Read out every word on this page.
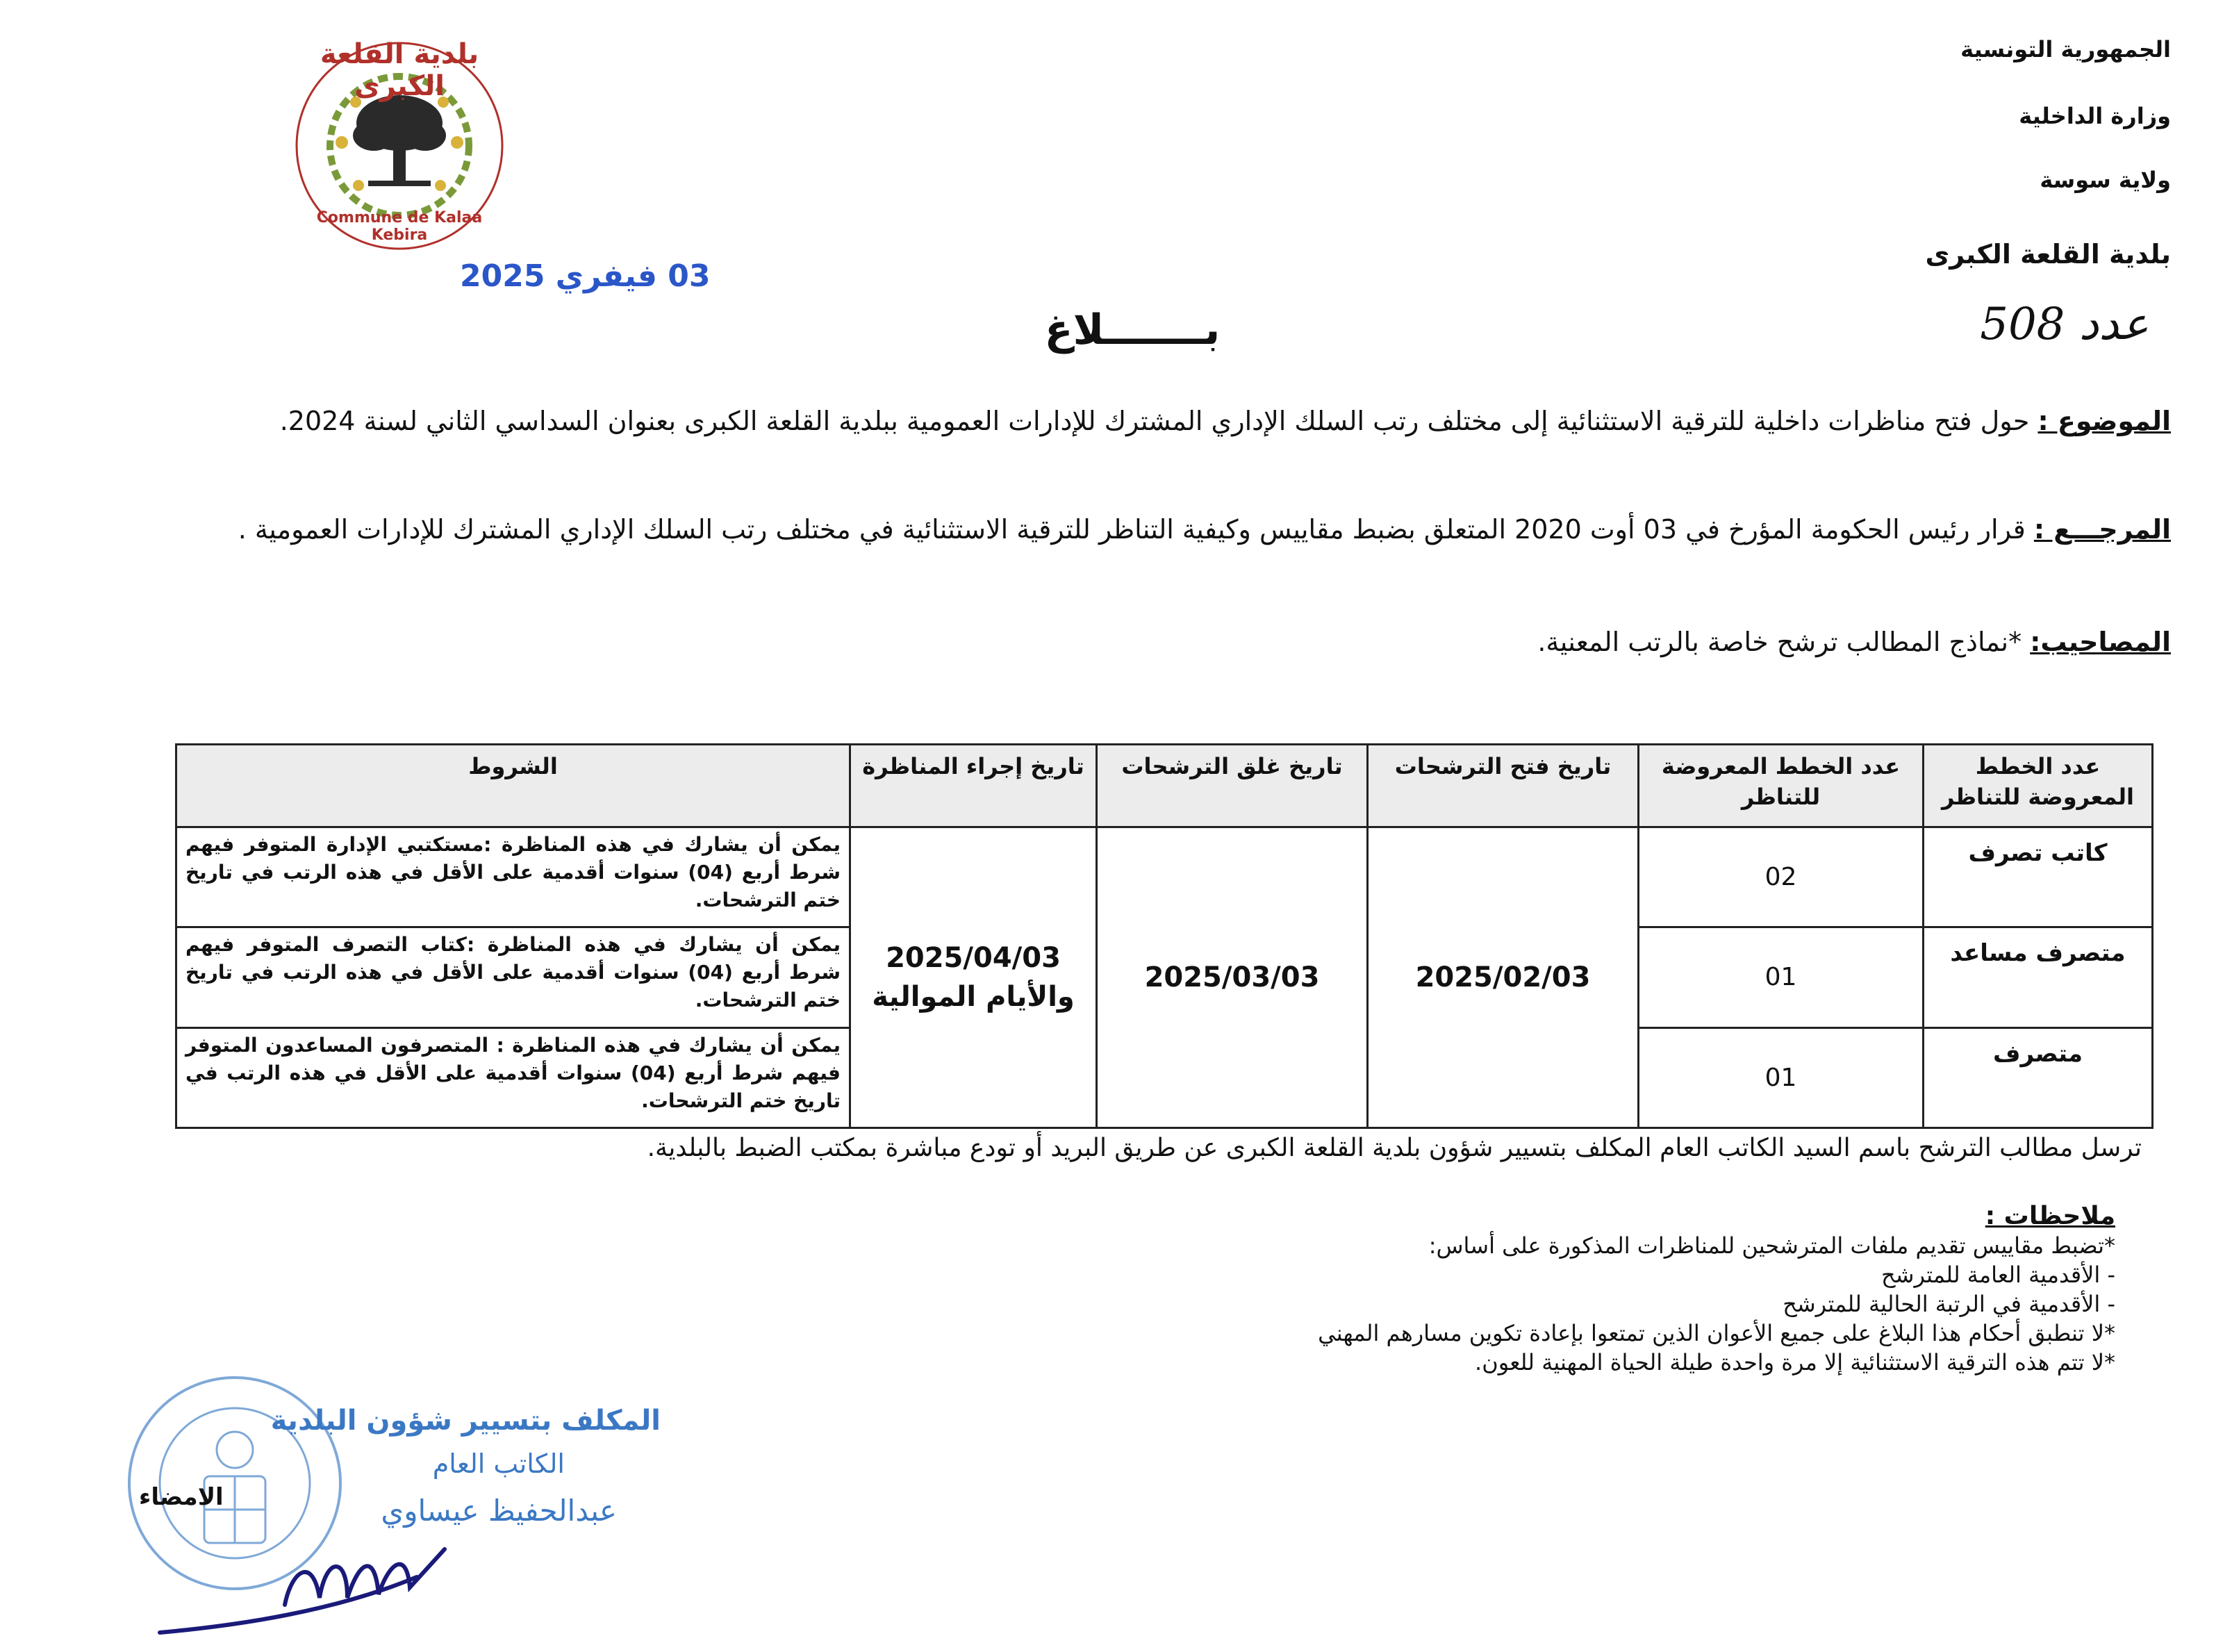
الجمهورية التونسية
وزارة الداخلية
ولاية سوسة
بلدية القلعة الكبرى
بلدية القلعة الكبرى
Commune de Kalaa Kebira
03 فيفري 2025
عدد 508
بـــــــلاغ
الموضوع : حول فتح مناظرات داخلية للترقية الاستثنائية إلى مختلف رتب السلك الإداري المشترك للإدارات العمومية ببلدية القلعة الكبرى بعنوان السداسي الثاني لسنة 2024.
المرجـــع : قرار رئيس الحكومة المؤرخ في 03 أوت 2020 المتعلق بضبط مقاييس وكيفية التناظر للترقية الاستثنائية في مختلف رتب السلك الإداري المشترك للإدارات العمومية .
المصاحيب: *نماذج المطالب ترشح خاصة بالرتب المعنية.
عدد الخطط المعروضة للتناظر	عدد الخطط المعروضة للتناظر	تاريخ فتح الترشحات	تاريخ غلق الترشحات	تاريخ إجراء المناظرة	الشروط
كاتب تصرف	02	2025/02/03	2025/03/03	2025/04/03 والأيام الموالية	يمكن أن يشارك في هذه المناظرة :مستكتبي الإدارة المتوفر فيهم شرط أربع (04) سنوات أقدمية على الأقل في هذه الرتب في تاريخ ختم الترشحات.
متصرف مساعد	01				يمكن أن يشارك في هذه المناظرة :كتاب التصرف المتوفر فيهم شرط أربع (04) سنوات أقدمية على الأقل في هذه الرتب في تاريخ ختم الترشحات.
متصرف	01				يمكن أن يشارك في هذه المناظرة : المتصرفون المساعدون المتوفر فيهم شرط أربع (04) سنوات أقدمية على الأقل في هذه الرتب في تاريخ ختم الترشحات.
ترسل مطالب الترشح باسم السيد الكاتب العام المكلف بتسيير شؤون بلدية القلعة الكبرى عن طريق البريد أو تودع مباشرة بمكتب الضبط بالبلدية.
ملاحظات :
*تضبط مقاييس تقديم ملفات المترشحين للمناظرات المذكورة على أساس:
- الأقدمية العامة للمترشح
- الأقدمية في الرتبة الحالية للمترشح
*لا تنطبق أحكام هذا البلاغ على جميع الأعوان الذين تمتعوا بإعادة تكوين مسارهم المهني
*لا تتم هذه الترقية الاستثنائية إلا مرة واحدة طيلة الحياة المهنية للعون.
المكلف بتسيير شؤون البلدية
الكاتب العام
عبدالحفيظ عيساوي
الامضاء
